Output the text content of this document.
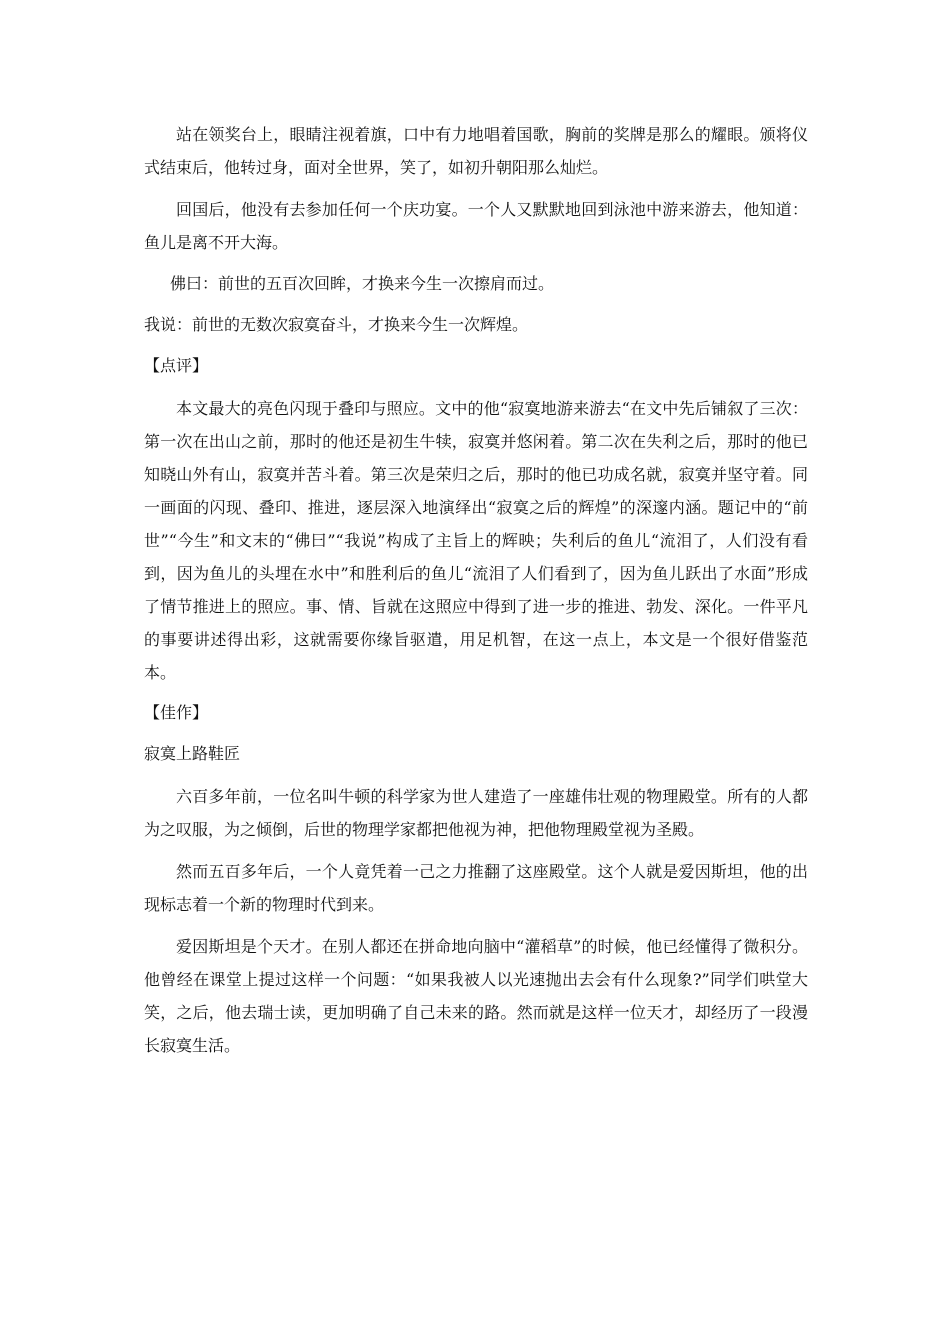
站在领奖台上，眼睛注视着旗，口中有力地唱着国歌，胸前的奖牌是那么的耀眼。颁将仪式结束后，他转过身，面对全世界，笑了，如初升朝阳那么灿烂。

回国后，他没有去参加任何一个庆功宴。一个人又默默地回到泳池中游来游去，他知道：鱼儿是离不开大海。

佛曰：前世的五百次回眸，才换来今生一次擦肩而过。

我说：前世的无数次寂寞奋斗，才换来今生一次辉煌。

【点评】

本文最大的亮色闪现于叠印与照应。文中的他“寂寞地游来游去“在文中先后铺叙了三次：第一次在出山之前，那时的他还是初生牛犊，寂寞并悠闲着。第二次在失利之后，那时的他已知晓山外有山，寂寞并苦斗着。第三次是荣归之后，那时的他已功成名就，寂寞并坚守着。同一画面的闪现、叠印、推进，逐层深入地演绎出“寂寞之后的辉煌”的深邃内涵。题记中的“前世”“今生”和文末的“佛曰”“我说”构成了主旨上的辉映；失利后的鱼儿“流泪了，人们没有看到，因为鱼儿的头埋在水中”和胜利后的鱼儿“流泪了人们看到了，因为鱼儿跃出了水面”形成了情节推进上的照应。事、情、旨就在这照应中得到了进一步的推进、勃发、深化。一件平凡的事要讲述得出彩，这就需要你缘旨驱遣，用足机智，在这一点上，本文是一个很好借鉴范本。

【佳作】

寂寞上路鞋匠

六百多年前，一位名叫牛顿的科学家为世人建造了一座雄伟壮观的物理殿堂。所有的人都为之叹服，为之倾倒，后世的物理学家都把他视为神，把他物理殿堂视为圣殿。

然而五百多年后，一个人竟凭着一己之力推翻了这座殿堂。这个人就是爱因斯坦，他的出现标志着一个新的物理时代到来。

爱因斯坦是个天才。在别人都还在拼命地向脑中“灌稻草”的时候，他已经懂得了微积分。他曾经在课堂上提过这样一个问题：“如果我被人以光速抛出去会有什么现象?”同学们哄堂大笑，之后，他去瑞士读，更加明确了自己未来的路。然而就是这样一位天才，却经历了一段漫长寂寞生活。
